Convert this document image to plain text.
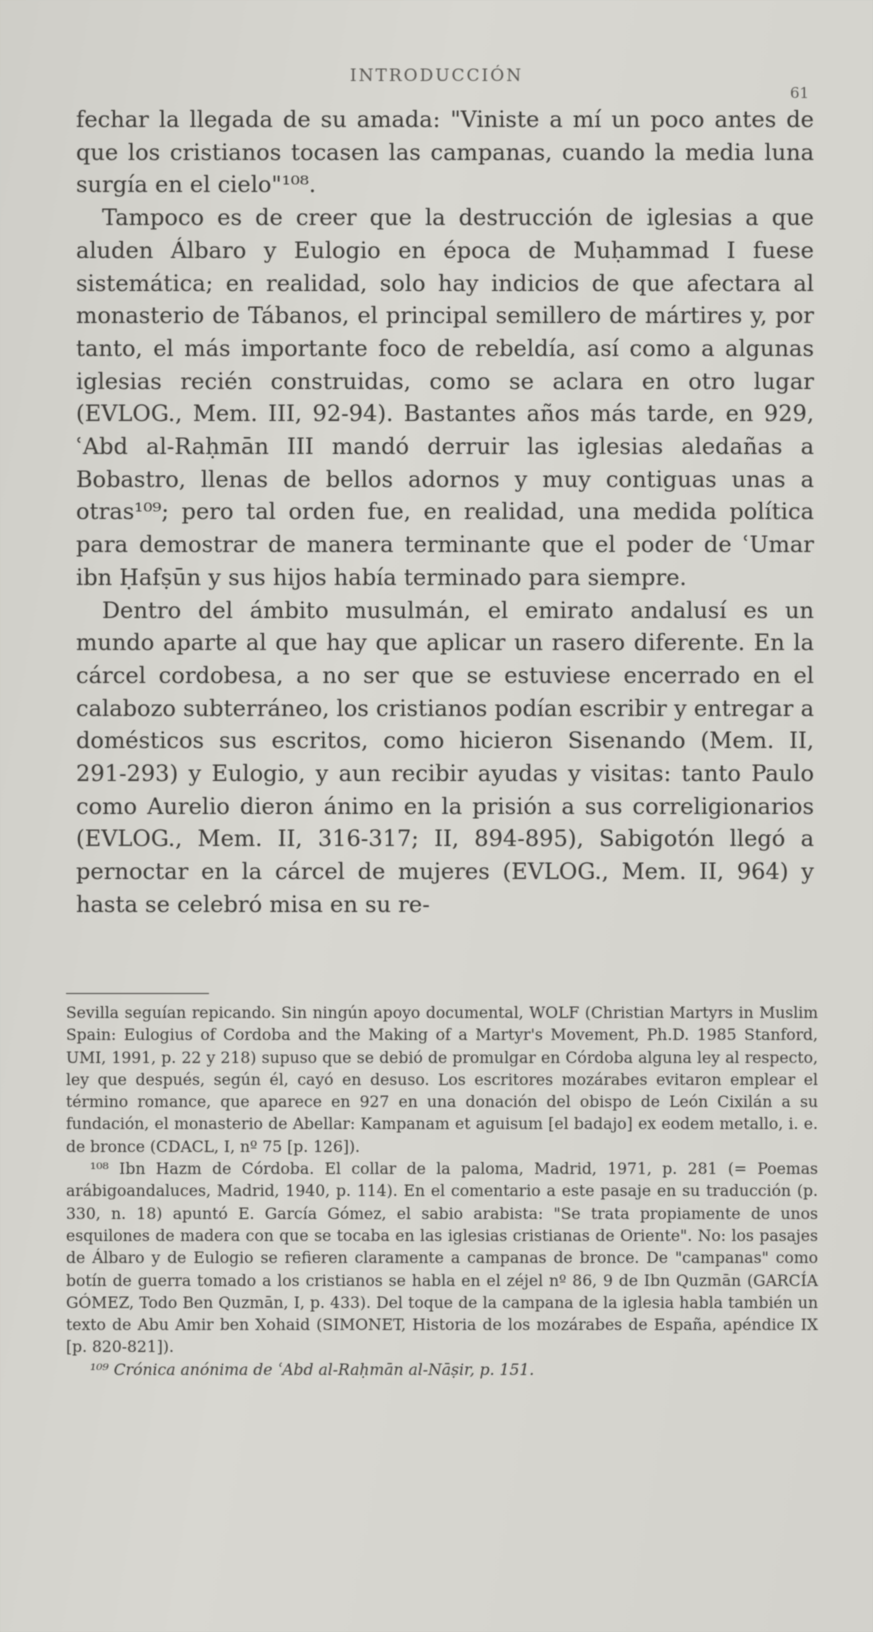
INTRODUCCIÓN
61

fechar la llegada de su amada: "Viniste a mí un poco antes de que los cristianos tocasen las campanas, cuando la media luna surgía en el cielo"¹⁰⁸.

Tampoco es de creer que la destrucción de iglesias a que aluden Álbaro y Eulogio en época de Muḥammad I fuese sistemática; en realidad, solo hay indicios de que afectara al monasterio de Tábanos, el principal semillero de mártires y, por tanto, el más importante foco de rebeldía, así como a algunas iglesias recién construidas, como se aclara en otro lugar (EVLOG., Mem. III, 92-94). Bastantes años más tarde, en 929, ʿAbd al-Raḥmān III mandó derruir las iglesias aledañas a Bobastro, llenas de bellos adornos y muy contiguas unas a otras¹⁰⁹; pero tal orden fue, en realidad, una medida política para demostrar de manera terminante que el poder de ʿUmar ibn Ḥafṣūn y sus hijos había terminado para siempre.

Dentro del ámbito musulmán, el emirato andalusí es un mundo aparte al que hay que aplicar un rasero diferente. En la cárcel cordobesa, a no ser que se estuviese encerrado en el calabozo subterráneo, los cristianos podían escribir y entregar a domésticos sus escritos, como hicieron Sisenando (Mem. II, 291-293) y Eulogio, y aun recibir ayudas y visitas: tanto Paulo como Aurelio dieron ánimo en la prisión a sus correligionarios (EVLOG., Mem. II, 316-317; II, 894-895), Sabigotón llegó a pernoctar en la cárcel de mujeres (EVLOG., Mem. II, 964) y hasta se celebró misa en su re-

Sevilla seguían repicando. Sin ningún apoyo documental, WOLF (Christian Martyrs in Muslim Spain: Eulogius of Cordoba and the Making of a Martyr's Movement, Ph.D. 1985 Stanford, UMI, 1991, p. 22 y 218) supuso que se debió de promulgar en Córdoba alguna ley al respecto, ley que después, según él, cayó en desuso. Los escritores mozárabes evitaron emplear el término romance, que aparece en 927 en una donación del obispo de León Cixilán a su fundación, el monasterio de Abellar: Kampanam et aguisum [el badajo] ex eodem metallo, i. e. de bronce (CDACL, I, nº 75 [p. 126]).

¹⁰⁸ Ibn Hazm de Córdoba. El collar de la paloma, Madrid, 1971, p. 281 (= Poemas arábigoandaluces, Madrid, 1940, p. 114). En el comentario a este pasaje en su traducción (p. 330, n. 18) apuntó E. García Gómez, el sabio arabista: "Se trata propiamente de unos esquilones de madera con que se tocaba en las iglesias cristianas de Oriente". No: los pasajes de Álbaro y de Eulogio se refieren claramente a campanas de bronce. De "campanas" como botín de guerra tomado a los cristianos se habla en el zéjel nº 86, 9 de Ibn Quzmān (GARCÍA GÓMEZ, Todo Ben Quzmān, I, p. 433). Del toque de la campana de la iglesia habla también un texto de Abu Amir ben Xohaid (SIMONET, Historia de los mozárabes de España, apéndice IX [p. 820-821]).

¹⁰⁹ Crónica anónima de ʿAbd al-Raḥmān al-Nāṣir, p. 151.
